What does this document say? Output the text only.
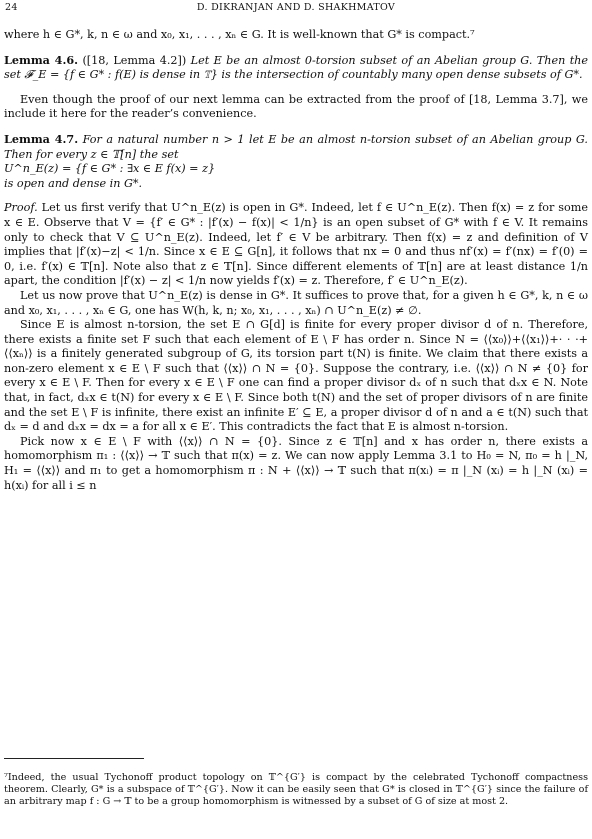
24	D. DIKRANJAN AND D. SHAKHMATOV

where h ∈ G*, k, n ∈ ω and x₀, x₁, . . . , xₙ ∈ G. It is well-known that G* is compact.⁷

Lemma 4.6. ([18, Lemma 4.2]) Let E be an almost 0-torsion subset of an Abelian group G. Then the set 𝓕_E = {f ∈ G* : f(E) is dense in 𝕋} is the intersection of countably many open dense subsets of G*.

Even though the proof of our next lemma can be extracted from the proof of [18, Lemma 3.7], we include it here for the reader’s convenience.

Lemma 4.7. For a natural number n > 1 let E be an almost n-torsion subset of an Abelian group G. Then for every z ∈ 𝕋[n] the set

U^n_E(z) = {f ∈ G* : ∃x ∈ E f(x) = z}

is open and dense in G*.

Proof. Let us first verify that U^n_E(z) is open in G*. Indeed, let f ∈ U^n_E(z). Then f(x) = z for some x ∈ E. Observe that V = {f′ ∈ G* : |f′(x) − f(x)| < 1/n} is an open subset of G* with f ∈ V. It remains only to check that V ⊆ U^n_E(z). Indeed, let f′ ∈ V be arbitrary. Then f(x) = z and definition of V implies that |f′(x)−z| < 1/n. Since x ∈ E ⊆ G[n], it follows that nx = 0 and thus nf′(x) = f′(nx) = f′(0) = 0, i.e. f′(x) ∈ 𝕋[n]. Note also that z ∈ 𝕋[n]. Since different elements of 𝕋[n] are at least distance 1/n apart, the condition |f′(x) − z| < 1/n now yields f′(x) = z. Therefore, f′ ∈ U^n_E(z).

Let us now prove that U^n_E(z) is dense in G*. It suffices to prove that, for a given h ∈ G*, k, n ∈ ω and x₀, x₁, . . . , xₙ ∈ G, one has W(h, k, n; x₀, x₁, . . . , xₙ) ∩ U^n_E(z) ≠ ∅.

Since E is almost n-torsion, the set E ∩ G[d] is finite for every proper divisor d of n. Therefore, there exists a finite set F such that each element of E \ F has order n. Since N = ⟨⟨x₀⟩⟩+⟨⟨x₁⟩⟩+· · ·+⟨⟨xₙ⟩⟩ is a finitely generated subgroup of G, its torsion part t(N) is finite. We claim that there exists a non-zero element x ∈ E \ F such that ⟨⟨x⟩⟩ ∩ N = {0}. Suppose the contrary, i.e. ⟨⟨x⟩⟩ ∩ N ≠ {0} for every x ∈ E \ F. Then for every x ∈ E \ F one can find a proper divisor dₓ of n such that dₓx ∈ N. Note that, in fact, dₓx ∈ t(N) for every x ∈ E \ F. Since both t(N) and the set of proper divisors of n are finite and the set E \ F is infinite, there exist an infinite E′ ⊆ E, a proper divisor d of n and a ∈ t(N) such that dₓ = d and dₓx = dx = a for all x ∈ E′. This contradicts the fact that E is almost n-torsion.

Pick now x ∈ E \ F with ⟨⟨x⟩⟩ ∩ N = {0}. Since z ∈ 𝕋[n] and x has order n, there exists a homomorphism π₁ : ⟨⟨x⟩⟩ → 𝕋 such that π(x) = z. We can now apply Lemma 3.1 to H₀ = N, π₀ = h |_N, H₁ = ⟨⟨x⟩⟩ and π₁ to get a homomorphism π : N + ⟨⟨x⟩⟩ → 𝕋 such that π(xᵢ) = π |_N (xᵢ) = h |_N (xᵢ) = h(xᵢ) for all i ≤ n

⁷Indeed, the usual Tychonoff product topology on 𝕋^{G′} is compact by the celebrated Tychonoff compactness theorem. Clearly, G* is a subspace of 𝕋^{G′}. Now it can be easily seen that G* is closed in 𝕋^{G′} since the failure of an arbitrary map f : G → 𝕋 to be a group homomorphism is witnessed by a subset of G of size at most 2.
